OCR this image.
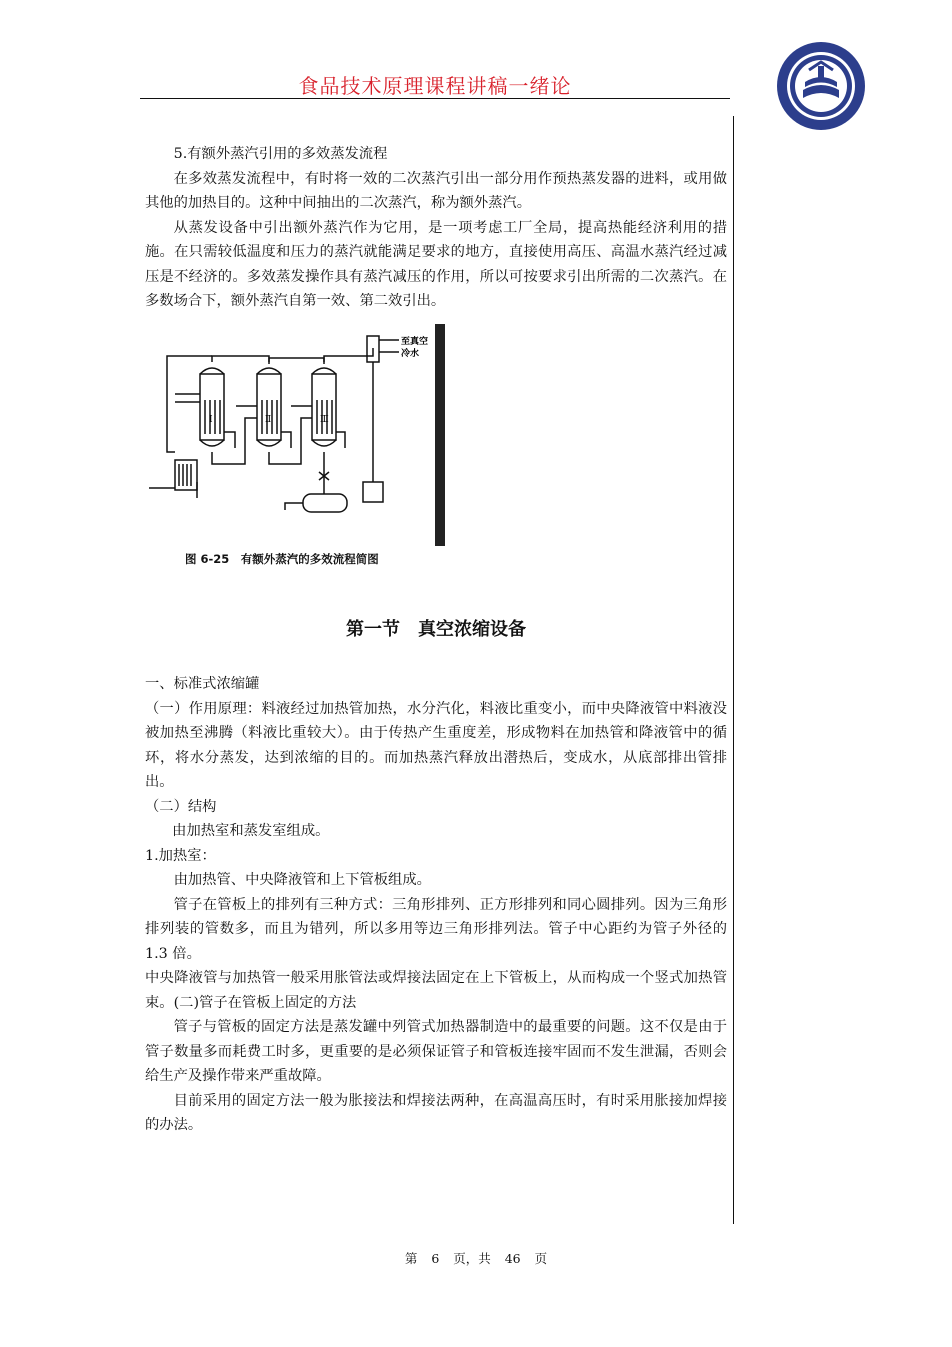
食品技术原理课程讲稿一绪论

5.有额外蒸汽引用的多效蒸发流程

在多效蒸发流程中，有时将一效的二次蒸汽引出一部分用作预热蒸发器的进料，或用做其他的加热目的。这种中间抽出的二次蒸汽，称为额外蒸汽。

从蒸发设备中引出额外蒸汽作为它用，是一项考虑工厂全局，提高热能经济利用的措施。在只需较低温度和压力的蒸汽就能满足要求的地方，直接使用高压、高温水蒸汽经过减压是不经济的。多效蒸发操作具有蒸汽减压的作用，所以可按要求引出所需的二次蒸汽。在多数场合下，额外蒸汽自第一效、第二效引出。

Ⅰ	Ⅱ	Ⅲ
至真空
冷水
图 6-25　有额外蒸汽的多效流程简图
第一节　真空浓缩设备

一、标准式浓缩罐

（一）作用原理：料液经过加热管加热，水分汽化，料液比重变小，而中央降液管中料液没被加热至沸腾（料液比重较大）。由于传热产生重度差，形成物料在加热管和降液管中的循环，将水分蒸发，达到浓缩的目的。而加热蒸汽释放出潜热后，变成水，从底部排出管排出。

（二）结构

由加热室和蒸发室组成。

1.加热室：

由加热管、中央降液管和上下管板组成。

管子在管板上的排列有三种方式：三角形排列、正方形排列和同心圆排列。因为三角形排列装的管数多，而且为错列，所以多用等边三角形排列法。管子中心距约为管子外径的 1.3 倍。

中央降液管与加热管一般采用胀管法或焊接法固定在上下管板上，从而构成一个竖式加热管束。(二)管子在管板上固定的方法

管子与管板的固定方法是蒸发罐中列管式加热器制造中的最重要的问题。这不仅是由于管子数量多而耗费工时多，更重要的是必须保证管子和管板连接牢固而不发生泄漏，否则会给生产及操作带来严重故障。

目前采用的固定方法一般为胀接法和焊接法两种，在高温高压时，有时采用胀接加焊接的办法。

第 6 页，共 46 页
